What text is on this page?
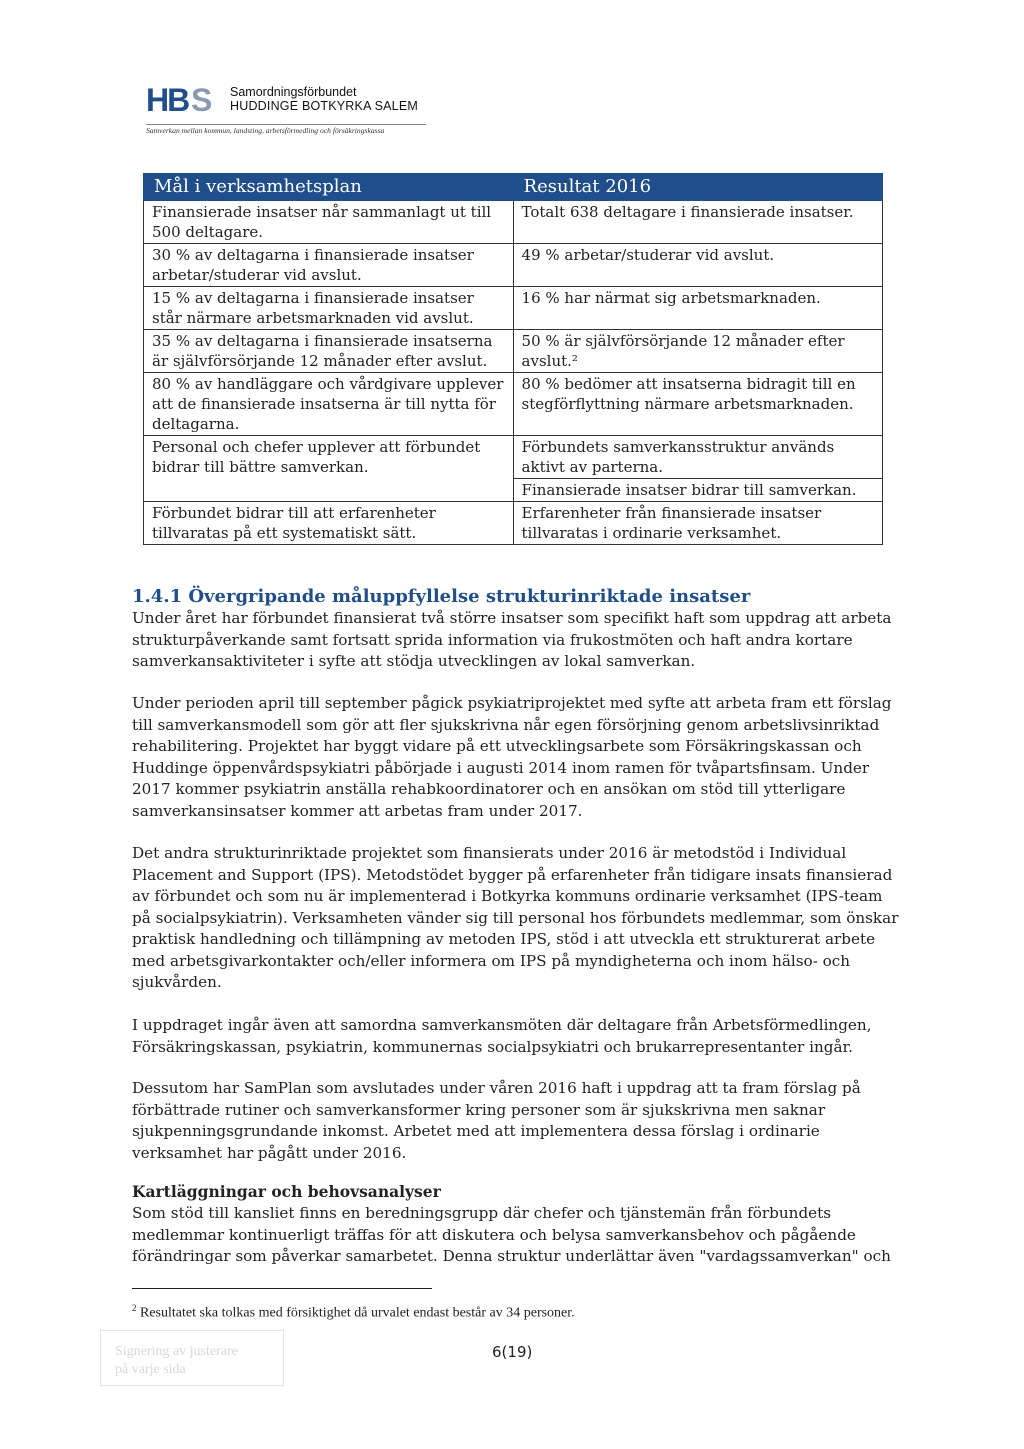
HB S Samordningsförbundet
HUDDINGE BOTKYRKA SALEM
Samverkan mellan kommun, landsting, arbetsförmedling och försäkringskassa
Mål i verksamhetsplan	Resultat 2016
Finansierade insatser når sammanlagt ut till 500 deltagare.	Totalt 638 deltagare i finansierade insatser.
30 % av deltagarna i finansierade insatser arbetar/studerar vid avslut.	49 % arbetar/studerar vid avslut.
15 % av deltagarna i finansierade insatser står närmare arbetsmarknaden vid avslut.	16 % har närmat sig arbetsmarknaden.
35 % av deltagarna i finansierade insatserna är självförsörjande 12 månader efter avslut.	50 % är självförsörjande 12 månader efter avslut.²
80 % av handläggare och vårdgivare upplever att de finansierade insatserna är till nytta för deltagarna.	80 % bedömer att insatserna bidragit till en stegförflyttning närmare arbetsmarknaden.
Personal och chefer upplever att förbundet bidrar till bättre samverkan.	Förbundets samverkansstruktur används aktivt av parterna.
	Finansierade insatser bidrar till samverkan.
Förbundet bidrar till att erfarenheter tillvaratas på ett systematiskt sätt.	Erfarenheter från finansierade insatser tillvaratas i ordinarie verksamhet.
1.4.1 Övergripande måluppfyllelse strukturinriktade insatser

Under året har förbundet finansierat två större insatser som specifikt haft som uppdrag att arbeta strukturpåverkande samt fortsatt sprida information via frukostmöten och haft andra kortare samverkansaktiviteter i syfte att stödja utvecklingen av lokal samverkan.

Under perioden april till september pågick psykiatriprojektet med syfte att arbeta fram ett förslag till samverkansmodell som gör att fler sjukskrivna når egen försörjning genom arbetslivsinriktad rehabilitering. Projektet har byggt vidare på ett utvecklingsarbete som Försäkringskassan och Huddinge öppenvårdspsykiatri påbörjade i augusti 2014 inom ramen för tvåpartsfinsam. Under 2017 kommer psykiatrin anställa rehabkoordinatorer och en ansökan om stöd till ytterligare samverkansinsatser kommer att arbetas fram under 2017.

Det andra strukturinriktade projektet som finansierats under 2016 är metodstöd i Individual Placement and Support (IPS). Metodstödet bygger på erfarenheter från tidigare insats finansierad av förbundet och som nu är implementerad i Botkyrka kommuns ordinarie verksamhet (IPS-team på socialpsykiatrin). Verksamheten vänder sig till personal hos förbundets medlemmar, som önskar praktisk handledning och tillämpning av metoden IPS, stöd i att utveckla ett strukturerat arbete med arbetsgivarkontakter och/eller informera om IPS på myndigheterna och inom hälso- och sjukvården.

I uppdraget ingår även att samordna samverkansmöten där deltagare från Arbetsförmedlingen, Försäkringskassan, psykiatrin, kommunernas socialpsykiatri och brukarrepresentanter ingår.

Dessutom har SamPlan som avslutades under våren 2016 haft i uppdrag att ta fram förslag på förbättrade rutiner och samverkansformer kring personer som är sjukskrivna men saknar sjukpenningsgrundande inkomst. Arbetet med att implementera dessa förslag i ordinarie verksamhet har pågått under 2016.

Kartläggningar och behovsanalyser

Som stöd till kansliet finns en beredningsgrupp där chefer och tjänstemän från förbundets medlemmar kontinuerligt träffas för att diskutera och belysa samverkansbehov och pågående förändringar som påverkar samarbetet. Denna struktur underlättar även "vardagssamverkan" och

$^2$ Resultatet ska tolkas med försiktighet då urvalet endast består av 34 personer.
Signering av justerare
på varje sida
6(19)
